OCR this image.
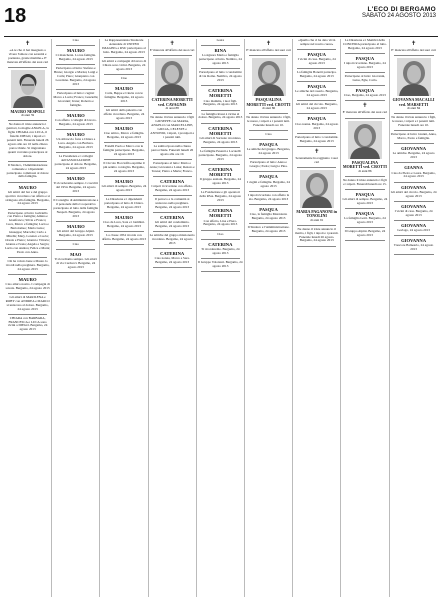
18	L'ECO DI BERGAMO
SABATO 24 AGOSTO 2013
✝
«A te che ci hai insegnato a vivere l'amore con serenità e pazienza, grazie mamma.» E' mancata all'affetto dei suoi cari
MAURO NESPOLI
di anni 59
Ne danno il triste annuncio i genitori, la moglie ANGELA, la figlia CHIARA con LUCA, il fratello DIEGO, i nipoti e i parenti tutti. Funerale lunedì 26 agosto alle ore 10 nella chiesa parrocchiale. Si ringraziano quanti vorranno partecipare al dolore.
Il Sindaco, l'Amministrazione comunale e i dipendenti partecipano commossi al dolore della famiglia.
MAURO
Gli amici del bar e del gruppo sportivo ricordano con affetto e si stringono alla famiglia. Bergamo, 24 agosto 2013
Partecipano al lutto: Gabriella con Pietro e famiglia; Amina e Gianfranco; Silvia e Franco; Luca, Marco e famiglie; Lucia e Bartolomeo; Maria Luisa; Giuseppe; Marcella; Carlo e Mirella; Mary, Lorenzo e Lucia; Orsola e Pietro; Gianni e Vittorio; Gianna e Ivana; Angela e Sergio; Lucia con Andrea; Felice e Marta; Paolo con Anna.
Chi ha voluto bene a Mauro lo ricordi nella preghiera. Bergamo, 24 agosto 2013
MAURO
Ciao amico nostro. I compagni di scuola. Bergamo, 24 agosto 2013
Gli amici di MARILENA e ROBY con ANDREA e MARCO si uniscono al dolore. Bergamo, 24 agosto 2013
CHIARA con BARBARA, FRANCESCA e LUCA sono vicini a DIEGO. Bergamo, 24 agosto 2013
Ciao
MAURO
Ci mancherai. La tua famiglia. Bergamo, 24 agosto 2013
Partecipano al lutto: Stefano e Bruno; Giorgio e Marisa; Luigi e Carla; Piero; Gianpietro con Loredana. Bergamo, 24 agosto 2013
Partecipano al lutto i cugini: Marco e Lucia; Franco; Graziella; Giovanni; Ivana; Roberto e famiglie.
MAURO
Con affetto i colleghi di lavoro. Bergamo, 24 agosto 2013
MAURO
Un abbraccio forte a Chiara e Luca. Angelo con Barbara. Bergamo, 24 agosto 2013
La Presidenza e i colleghi dell'ASSOCIAZIONE partecipano al dolore. Bergamo, 24 agosto 2013
MAURO
Ti ricorderemo sempre. I coscritti del 1954. Bergamo, 24 agosto 2013
Il Consiglio di Amministrazione e il personale della Cooperativa partecipano al lutto della famiglia Nespoli. Bergamo, 24 agosto 2013
MAURO
Gli amici del Gruppo Alpini. Bergamo, 24 agosto 2013
Ciao
MAO
Ti ricordiamo sempre. Gli amici di via Carducci. Bergamo, 24 agosto 2013
La Rappresentanza Sindacale Aziendale di UNITED IMAGING e RSU partecipano al lutto. Bergamo, 24 agosto 2013
Gli amici e compagni di lavoro di Chiara sono vicini. Bergamo, 24 agosto 2013
Ciao
MAURO
Carla, Beppe e Cinzia con le famiglie. Bergamo, 24 agosto 2013
Gli amici della palestra con affetto ricordano. Bergamo, 24 agosto 2013
MAURO
Ciao amico, Marco e famiglia. Bergamo, 24 agosto 2013
Fratelli Paolo e Marco con le famiglie partecipano. Bergamo, 24 agosto 2013
Il Circolo Bocciofila esprime il più sentito cordoglio. Bergamo, 24 agosto 2013
MAURO
Gli amici di sempre. Bergamo, 24 agosto 2013
La Direzione e i dipendenti partecipano al lutto di Chiara. Bergamo, 24 agosto 2013
MAURO
Ciao da Luca, Sara e i bambini. Bergamo, 24 agosto 2013
La classe 1954 ricorda con affetto. Bergamo, 24 agosto 2013
✝
E' mancata all'affetto dei suoi cari
CATERINA MORETTI ved. CAVAGNIS
di anni 88
Ne danno il triste annuncio i figli GIUSEPPE con MARIA, ANGELO con MARCELLINE, GIULIA, CELESTE e ANTONIO, i nipoti, i pronipoti e i parenti tutti.
La salma riposa nella chiesa parrocchiale. Funerali lunedì 26 agosto alle ore 10.
Partecipano al lutto: Mario e Anna; Giovanni e Luisa; Renato e Teresa; Pietro e Maria; Franco.
CATERINA
I nipoti ti ricordano con affetto. Bergamo, 24 agosto 2013
Il parroco e la comunità si uniscono nella preghiera. Bergamo, 24 agosto 2013
CATERINA
Gli amici del condominio. Bergamo, 24 agosto 2013
Le amiche del gruppo missionario ricordano. Bergamo, 24 agosto 2013
CATERINA
Ciao nonna, Marco e Sara. Bergamo, 24 agosto 2013
Gotra
RINA
La signora Maria e famiglia partecipano al lutto. Nembro, 24 agosto 2013
Partecipano al lutto i condomini di via Roma. Nembro, 24 agosto 2013
CATERINA MORETTI
Ciao mamma, i tuoi figli. Bergamo, 24 agosto 2013
La famiglia Rossi è vicina al dolore. Bergamo, 24 agosto 2013
CATERINA MORETTI
Gli amici di Sorisole ricordano. Bergamo, 24 agosto 2013
Le famiglie Pesenti e Locatelli partecipano. Bergamo, 24 agosto 2013
CATERINA MORETTI
Il gruppo anziani. Bergamo, 24 agosto 2013
La Fondazione e gli operatori della RSA. Bergamo, 24 agosto 2013
CATERINA MORETTI
Con affetto, Lina e Piero. Bergamo, 24 agosto 2013
Ciao
CATERINA
Ti ricorderemo. Bergamo, 24 agosto 2013
Il Gruppo Volontari. Bergamo, 24 agosto 2013
✝
E' mancata all'affetto dei suoi cari
PASQUALINA MORETTI ved. CROTTI
di anni 86
Ne danno il triste annuncio i figli, le nuore, i nipoti e i parenti tutti. Funerale lunedì ore 10.
Ciao
PASQUA
Le amiche del gruppo. Bergamo, 24 agosto 2013
Partecipano al lutto: Anna e Giorgio; Paola; Luigi e Pina.
PASQUA
I cugini e famiglie. Bergamo, 24 agosto 2013
I nipoti ricordano con affetto la zia. Bergamo, 24 agosto 2013
PASQUA
Ciao, la famiglia Mazzoleni. Bergamo, 24 agosto 2013
Il Sindaco e l'Amministrazione. Bergamo, 24 agosto 2013
«Quello che ci ha dato vivrà sempre nel nostro cuore»
PASQUA
I vicini di casa. Bergamo, 24 agosto 2013
La famiglia Bonetti partecipa. Bergamo, 24 agosto 2013
PASQUA
Le amiche del rosario. Bergamo, 24 agosto 2013
Gli amici del circolo. Bergamo, 24 agosto 2013
PASQUA
Ciao nonna. Bergamo, 24 agosto 2013
Partecipano al lutto i condomini. Bergamo, 24 agosto 2013
✝
Serenamente ha raggiunto i suoi cari
MARIA PAGANONI in TONOLINI
di anni 91
Ne danno il triste annuncio il marito, i figli, i nipoti e i parenti. Funerale lunedì 26 agosto. Bergamo, 24 agosto 2013
La Direzione e i Membri della CONCERIA partecipano al lutto. Bergamo, 24 agosto 2013
PASQUA
I nipoti ricordano. Bergamo, 24 agosto 2013
Partecipano al lutto: Giovanni, Luisa, Egle, Carlo.
PASQUA
Ciao, Bergamo, 24 agosto 2013
✝
E' mancata all'affetto dei suoi cari
PASQUALINA MORETTI ved. CROTTI
di anni 86
Ne danno il triste annuncio i figli e i nipoti. Funerali lunedì ore 15.
PASQUA
Gli amici di sempre. Bergamo, 24 agosto 2013
PASQUA
La famiglia Gotti. Bergamo, 24 agosto 2013
Il Gruppo Alpini. Bergamo, 24 agosto 2013
✝
E' mancata all'affetto dei suoi cari
GIOVANNA MACALLI ved. MARSETTI
di anni 84
Ne danno il triste annuncio i figli, le nuore, i nipoti e i parenti tutti. Funerale lunedì ore 10.
Partecipano al lutto: Gianni, Anna, Marco, Paolo e famiglie.
GIOVANNA
Le amiche. Bergamo, 24 agosto 2013
GIANNA
Ciao da Pietro e Laura. Bergamo, 24 agosto 2013
GIOVANNA
Gli amici del circolo. Bergamo, 24 agosto 2013
GIOVANNA
I vicini di casa. Bergamo, 24 agosto 2013
GIOVANNA
Gorlago, 24 agosto 2013
GIOVANNA
Trescore Balneario, 24 agosto 2013
